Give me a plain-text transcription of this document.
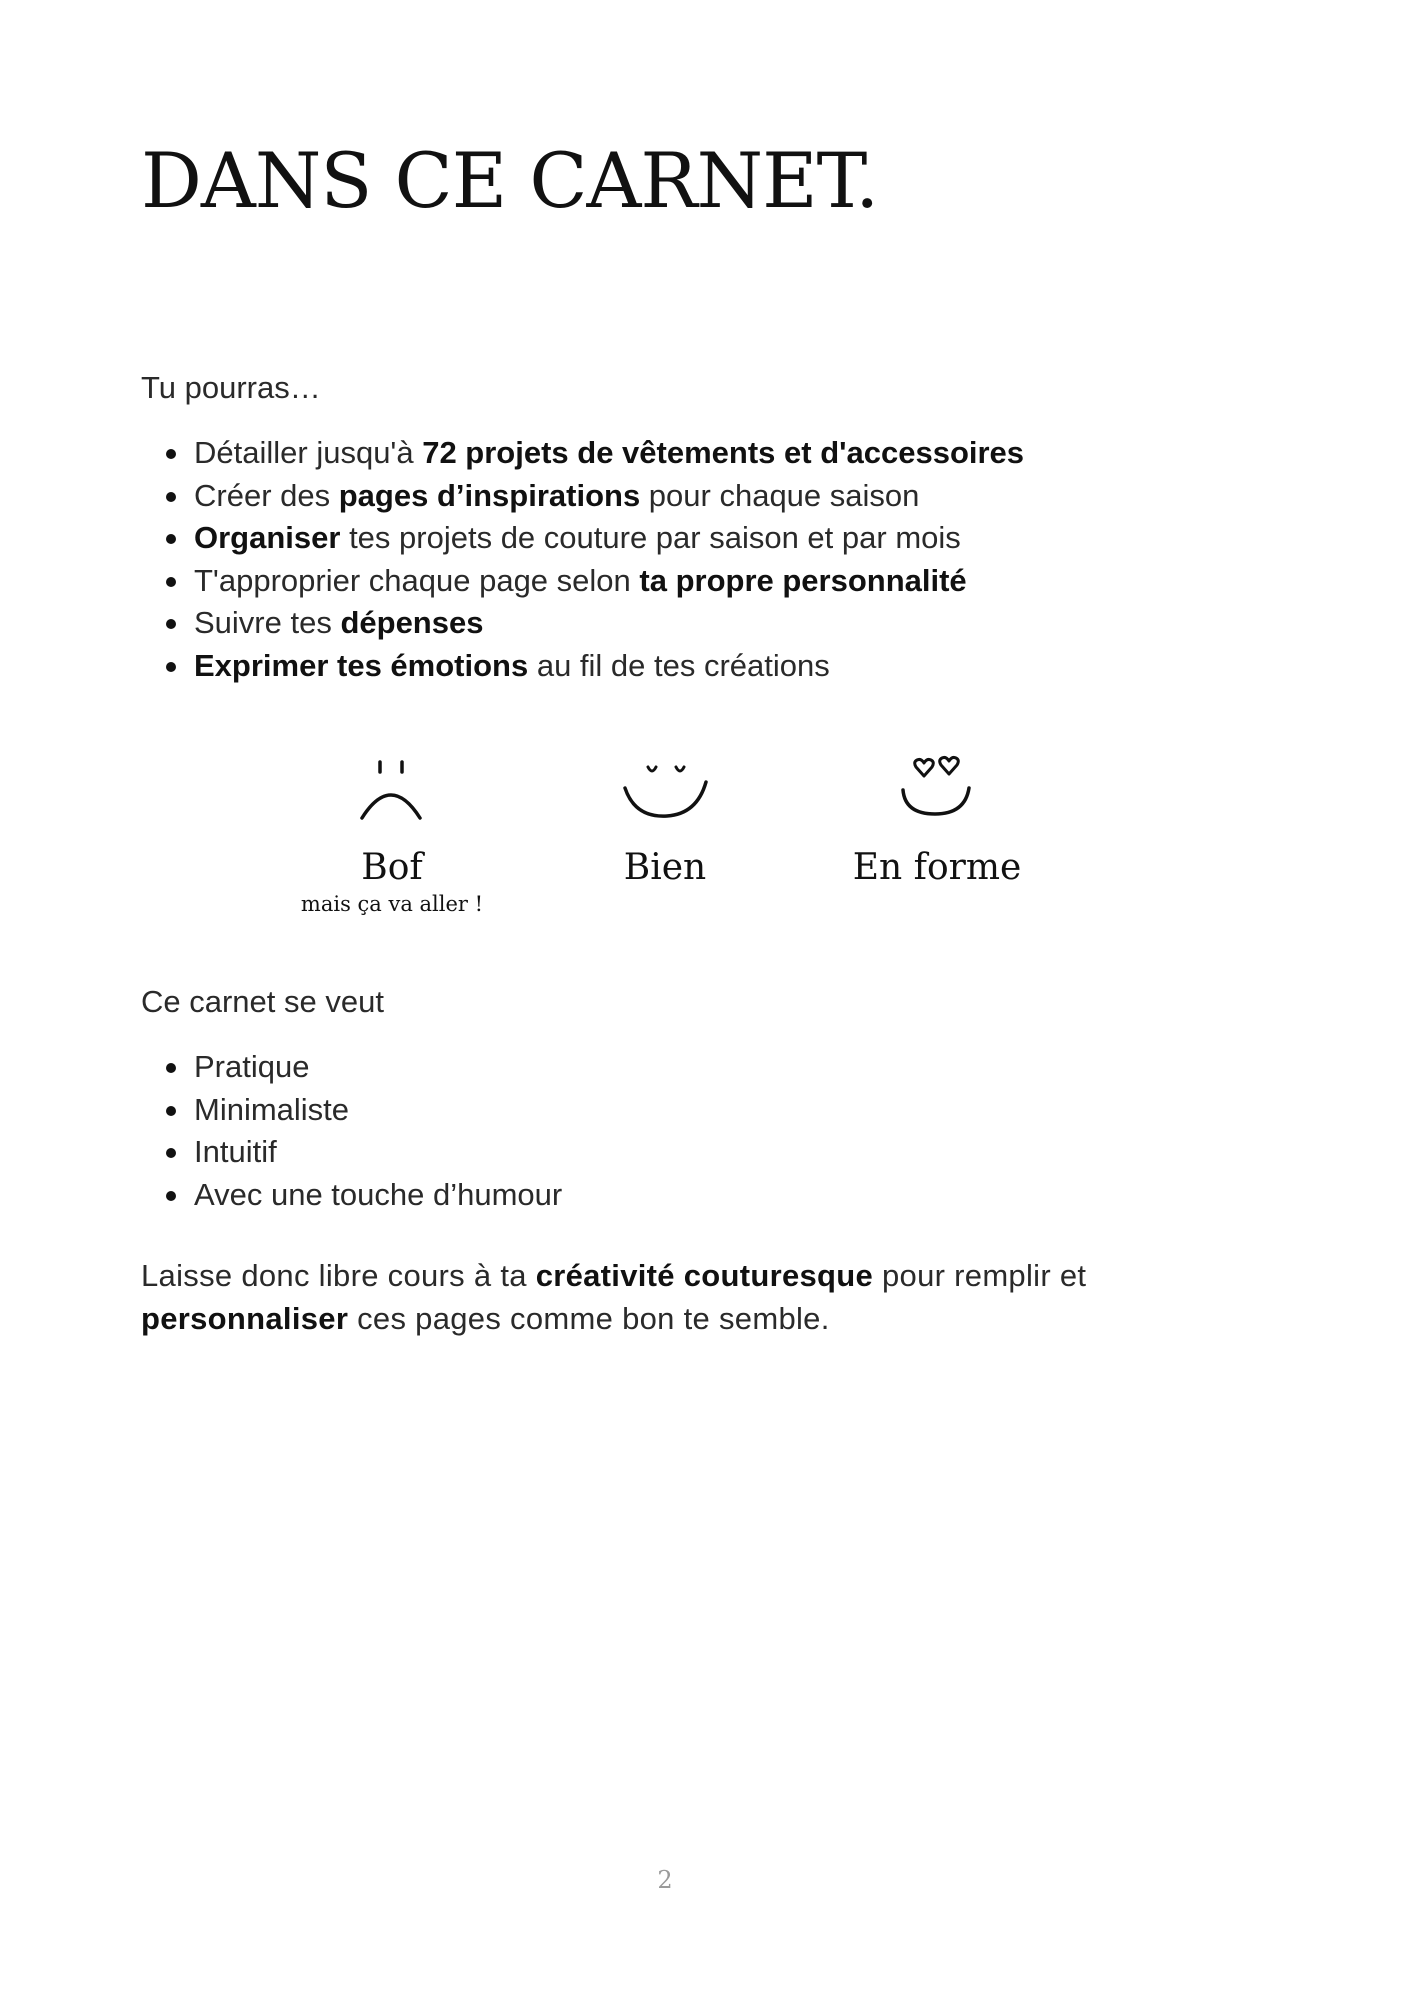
DANS CE CARNET.

Tu pourras…

Détailler jusqu'à 72 projets de vêtements et d'accessoires
Créer des pages d’inspirations pour chaque saison
Organiser tes projets de couture par saison et par mois
T'approprier chaque page selon ta propre personnalité
Suivre tes dépenses
Exprimer tes émotions au fil de tes créations
Bof
mais ça va aller !
Bien	En forme

Ce carnet se veut

Pratique
Minimaliste
Intuitif
Avec une touche d’humour

Laisse donc libre cours à ta créativité couturesque pour remplir et personnaliser ces pages comme bon te semble.

2
